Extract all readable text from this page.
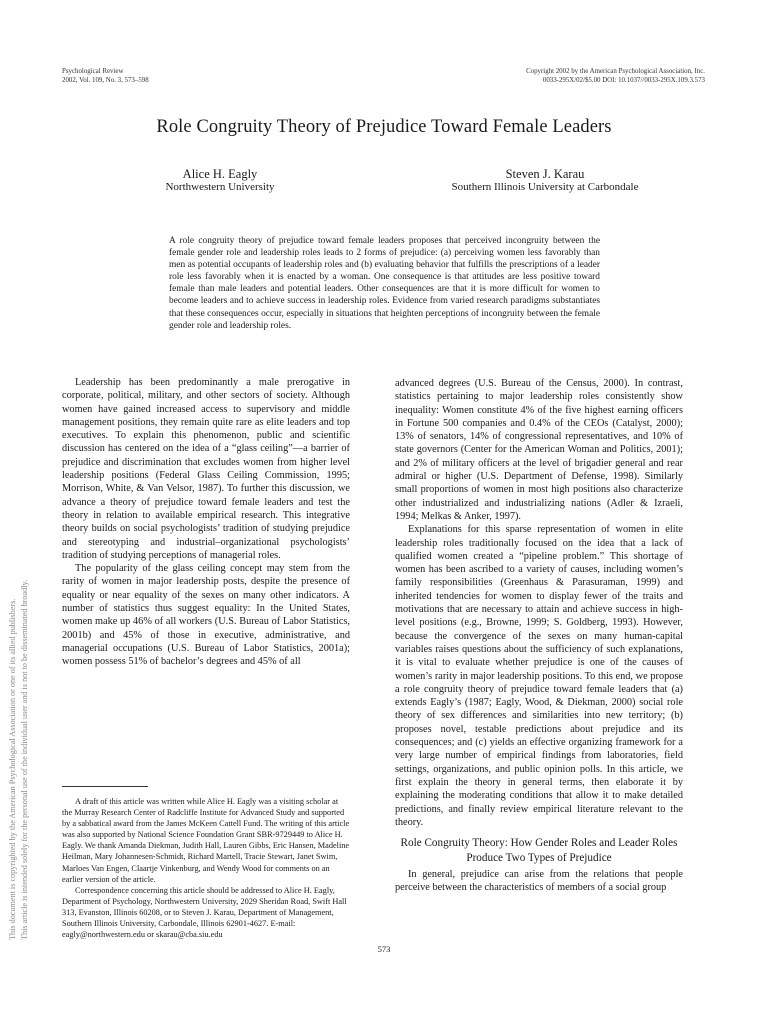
Psychological Review
2002, Vol. 109, No. 3, 573–598
Copyright 2002 by the American Psychological Association, Inc.
0033-295X/02/$5.00 DOI: 10.1037//0033-295X.109.3.573
Role Congruity Theory of Prejudice Toward Female Leaders
Alice H. Eagly
Northwestern University
Steven J. Karau
Southern Illinois University at Carbondale
A role congruity theory of prejudice toward female leaders proposes that perceived incongruity between the female gender role and leadership roles leads to 2 forms of prejudice: (a) perceiving women less favorably than men as potential occupants of leadership roles and (b) evaluating behavior that fulfills the prescriptions of a leader role less favorably when it is enacted by a woman. One consequence is that attitudes are less positive toward female than male leaders and potential leaders. Other consequences are that it is more difficult for women to become leaders and to achieve success in leadership roles. Evidence from varied research paradigms substantiates that these consequences occur, especially in situations that heighten perceptions of incongruity between the female gender role and leadership roles.
This document is copyrighted by the American Psychological Association or one of its allied publishers. This article is intended solely for the personal use of the individual user and is not to be disseminated broadly.

Leadership has been predominantly a male prerogative in corporate, political, military, and other sectors of society. Although women have gained increased access to supervisory and middle management positions, they remain quite rare as elite leaders and top executives. To explain this phenomenon, public and scientific discussion has centered on the idea of a “glass ceiling”—a barrier of prejudice and discrimination that excludes women from higher level leadership positions (Federal Glass Ceiling Commission, 1995; Morrison, White, & Van Velsor, 1987). To further this discussion, we advance a theory of prejudice toward female leaders and test the theory in relation to available empirical research. This integrative theory builds on social psychologists’ tradition of studying prejudice and stereotyping and industrial–organizational psychologists’ tradition of studying perceptions of managerial roles.

The popularity of the glass ceiling concept may stem from the rarity of women in major leadership posts, despite the presence of equality or near equality of the sexes on many other indicators. A number of statistics thus suggest equality: In the United States, women make up 46% of all workers (U.S. Bureau of Labor Statistics, 2001b) and 45% of those in executive, administrative, and managerial occupations (U.S. Bureau of Labor Statistics, 2001a); women possess 51% of bachelor’s degrees and 45% of all

A draft of this article was written while Alice H. Eagly was a visiting scholar at the Murray Research Center of Radcliffe Institute for Advanced Study and supported by a sabbatical award from the James McKeen Cattell Fund. The writing of this article was also supported by National Science Foundation Grant SBR-9729449 to Alice H. Eagly. We thank Amanda Diekman, Judith Hall, Lauren Gibbs, Eric Hansen, Madeline Heilman, Mary Johannesen-Schmidt, Richard Martell, Tracie Stewart, Janet Swim, Marloes Van Engen, Claartje Vinkenburg, and Wendy Wood for comments on an earlier version of the article.

Correspondence concerning this article should be addressed to Alice H. Eagly, Department of Psychology, Northwestern University, 2029 Sheridan Road, Swift Hall 313, Evanston, Illinois 60208, or to Steven J. Karau, Department of Management, Southern Illinois University, Carbondale, Illinois 62901-4627. E-mail: eagly@northwestern.edu or skarau@cba.siu.edu

advanced degrees (U.S. Bureau of the Census, 2000). In contrast, statistics pertaining to major leadership roles consistently show inequality: Women constitute 4% of the five highest earning officers in Fortune 500 companies and 0.4% of the CEOs (Catalyst, 2000); 13% of senators, 14% of congressional representatives, and 10% of state governors (Center for the American Woman and Politics, 2001); and 2% of military officers at the level of brigadier general and rear admiral or higher (U.S. Department of Defense, 1998). Similarly small proportions of women in most high positions also characterize other industrialized and industrializing nations (Adler & Izraeli, 1994; Melkas & Anker, 1997).

Explanations for this sparse representation of women in elite leadership roles traditionally focused on the idea that a lack of qualified women created a “pipeline problem.” This shortage of women has been ascribed to a variety of causes, including women’s family responsibilities (Greenhaus & Parasuraman, 1999) and inherited tendencies for women to display fewer of the traits and motivations that are necessary to attain and achieve success in high-level positions (e.g., Browne, 1999; S. Goldberg, 1993). However, because the convergence of the sexes on many human-capital variables raises questions about the sufficiency of such explanations, it is vital to evaluate whether prejudice is one of the causes of women’s rarity in major leadership positions. To this end, we propose a role congruity theory of prejudice toward female leaders that (a) extends Eagly’s (1987; Eagly, Wood, & Diekman, 2000) social role theory of sex differences and similarities into new territory; (b) proposes novel, testable predictions about prejudice and its consequences; and (c) yields an effective organizing framework for a very large number of empirical findings from laboratories, field settings, organizations, and public opinion polls. In this article, we first explain the theory in general terms, then elaborate it by explaining the moderating conditions that allow it to make detailed predictions, and finally review empirical literature relevant to the theory.

Role Congruity Theory: How Gender Roles and Leader Roles Produce Two Types of Prejudice

In general, prejudice can arise from the relations that people perceive between the characteristics of members of a social group

573
